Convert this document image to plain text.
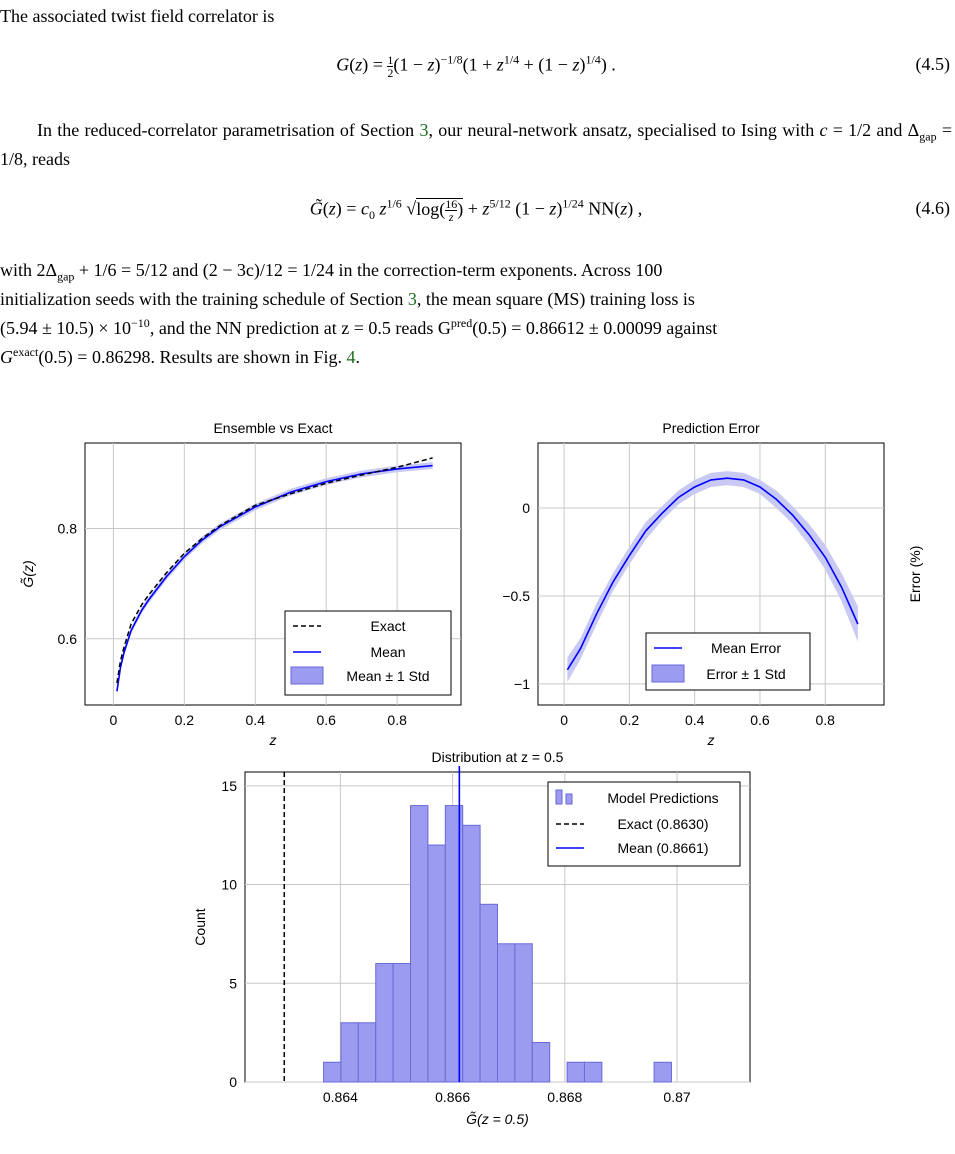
The associated twist field correlator is

$G(z) = \frac{1}{2} (1 - z)^{-1/8}(1 + z^{1/4} + (1 - z)^{1/4})$ .	(4.5)

In the reduced-correlator parametrisation of Section 3, our neural-network ansatz, specialised to Ising with c = 1/2 and $\Delta_{gap} = 1/8$, reads

G̃(z) = $c_0$ $z^{1/6}$ $√\log( \frac{16}{z}$ ) + $z^{5/12}$ $(1 - z)^{1/24}$ NN(z) ,	(4.6)
with $2\Delta_{gap} + 1/6 = 5/12$ and (2 − 3c)/12 = 1/24 in the correction-term exponents. Across 100
initialization seeds with the training schedule of Section 3, the mean square (MS) training loss is
$(5.94 \pm 10.5) \times 10^{-10}$, and the NN prediction at z = 0.5 reads $G^{pred}(0.5) = 0.86612 \pm 0.00099$ against
$G^{exact}(0.5) = 0.86298$. Results are shown in Fig. 4.
0	0.2	0.4	0.6	0.8
0.6
0.8
Ensemble vs Exact
z
G̃(z)
Exact
Mean
Mean ± 1 Std
0	0.2	0.4	0.6	0.8
0
−0.5
−1
Prediction Error
z
Error (%)
Mean Error
Error ± 1 Std
0.864	0.866	0.868	0.87
0
5
10
15
Distribution at z = 0.5
G̃(z = 0.5)
Count
Model Predictions
Exact (0.8630)
Mean (0.8661)
